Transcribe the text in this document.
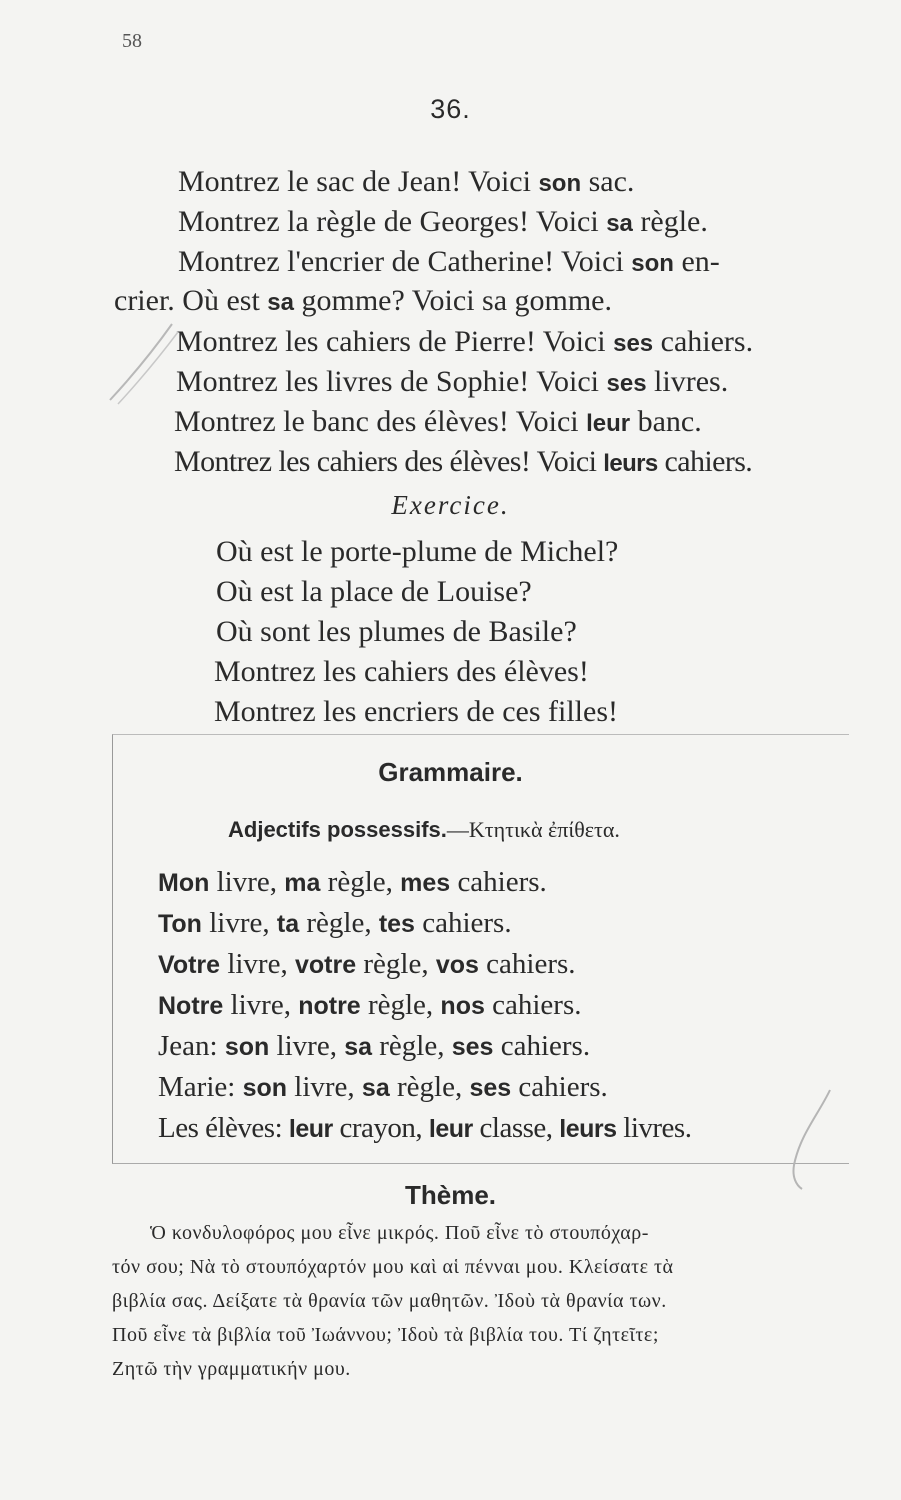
58
36.
Montrez le sac de Jean! Voici son sac.
Montrez la règle de Georges! Voici sa règle.
Montrez l'encrier de Catherine! Voici son en-
crier. Où est sa gomme? Voici sa gomme.
Montrez les cahiers de Pierre! Voici ses cahiers.
Montrez les livres de Sophie! Voici ses livres.
Montrez le banc des élèves! Voici leur banc.
Montrez les cahiers des élèves! Voici leurs cahiers.
Exercice.
Où est le porte-plume de Michel?
Où est la place de Louise?
Où sont les plumes de Basile?
Montrez les cahiers des élèves!
Montrez les encriers de ces filles!
Grammaire.
Adjectifs possessifs.—Κτητικὰ ἐπίθετα.
Mon livre, ma règle, mes cahiers.
Ton livre, ta règle, tes cahiers.
Votre livre, votre règle, vos cahiers.
Notre livre, notre règle, nos cahiers.
Jean: son livre, sa règle, ses cahiers.
Marie: son livre, sa règle, ses cahiers.
Les élèves: leur crayon, leur classe, leurs livres.
Thème.
Ὁ κονδυλοφόρος μου εἶνε μικρός. Ποῦ εἶνε τὸ στουπόχαρ-
τόν σου; Νὰ τὸ στουπόχαρτόν μου καὶ αἱ πένναι μου. Κλείσατε τὰ
βιβλία σας. Δείξατε τὰ θρανία τῶν μαθητῶν. Ἰδοὺ τὰ θρανία των.
Ποῦ εἶνε τὰ βιβλία τοῦ Ἰωάννου; Ἰδοὺ τὰ βιβλία του. Τί ζητεῖτε;
Ζητῶ τὴν γραμματικήν μου.
